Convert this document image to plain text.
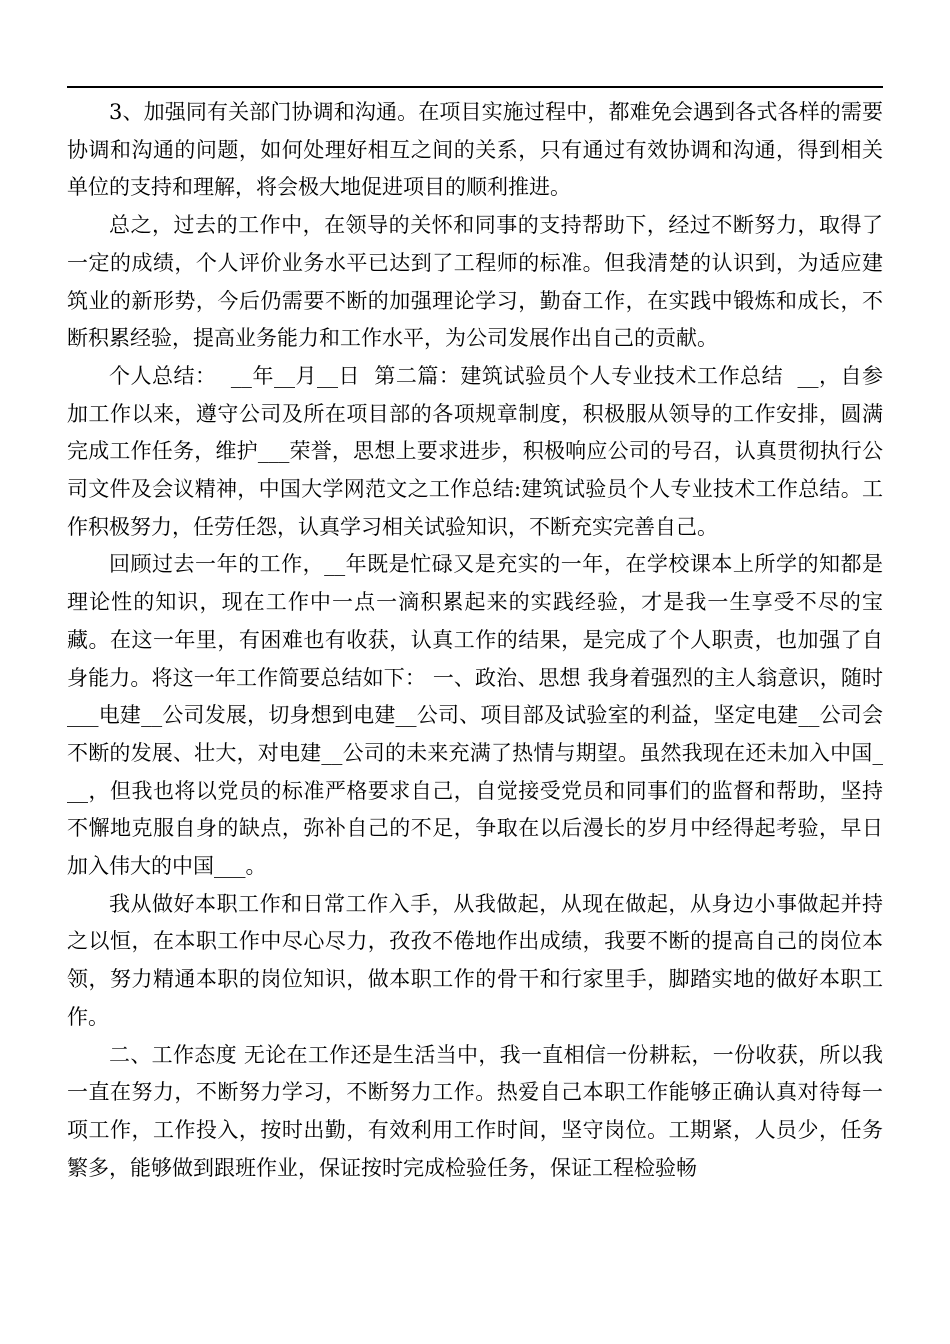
3、加强同有关部门协调和沟通。在项目实施过程中，都难免会遇到各式各样的需要协调和沟通的问题，如何处理好相互之间的关系，只有通过有效协调和沟通，得到相关单位的支持和理解，将会极大地促进项目的顺利推进。

总之，过去的工作中，在领导的关怀和同事的支持帮助下，经过不断努力，取得了一定的成绩，个人评价业务水平已达到了工程师的标准。但我清楚的认识到，为适应建筑业的新形势，今后仍需要不断的加强理论学习，勤奋工作，在实践中锻炼和成长，不断积累经验，提高业务能力和工作水平，为公司发展作出自己的贡献。

个人总结：  __年__月__日  第二篇：建筑试验员个人专业技术工作总结  __，自参加工作以来，遵守公司及所在项目部的各项规章制度，积极服从领导的工作安排，圆满完成工作任务，维护___荣誉，思想上要求进步，积极响应公司的号召，认真贯彻执行公司文件及会议精神，中国大学网范文之工作总结:建筑试验员个人专业技术工作总结。工作积极努力，任劳任怨，认真学习相关试验知识，不断充实完善自己。

回顾过去一年的工作，__年既是忙碌又是充实的一年，在学校课本上所学的知都是理论性的知识，现在工作中一点一滴积累起来的实践经验，才是我一生享受不尽的宝藏。在这一年里，有困难也有收获，认真工作的结果，是完成了个人职责，也加强了自身能力。将这一年工作简要总结如下： 一、政治、思想 我身着强烈的主人翁意识，随时___电建__公司发展，切身想到电建__公司、项目部及试验室的利益，坚定电建__公司会不断的发展、壮大，对电建__公司的未来充满了热情与期望。虽然我现在还未加入中国___，但我也将以党员的标准严格要求自己，自觉接受党员和同事们的监督和帮助，坚持不懈地克服自身的缺点，弥补自己的不足，争取在以后漫长的岁月中经得起考验，早日加入伟大的中国___。

我从做好本职工作和日常工作入手，从我做起，从现在做起，从身边小事做起并持之以恒，在本职工作中尽心尽力，孜孜不倦地作出成绩，我要不断的提高自己的岗位本领，努力精通本职的岗位知识，做本职工作的骨干和行家里手，脚踏实地的做好本职工作。

二、工作态度 无论在工作还是生活当中，我一直相信一份耕耘，一份收获，所以我一直在努力，不断努力学习，不断努力工作。热爱自己本职工作能够正确认真对待每一项工作，工作投入，按时出勤，有效利用工作时间，坚守岗位。工期紧，人员少，任务繁多，能够做到跟班作业，保证按时完成检验任务，保证工程检验畅
